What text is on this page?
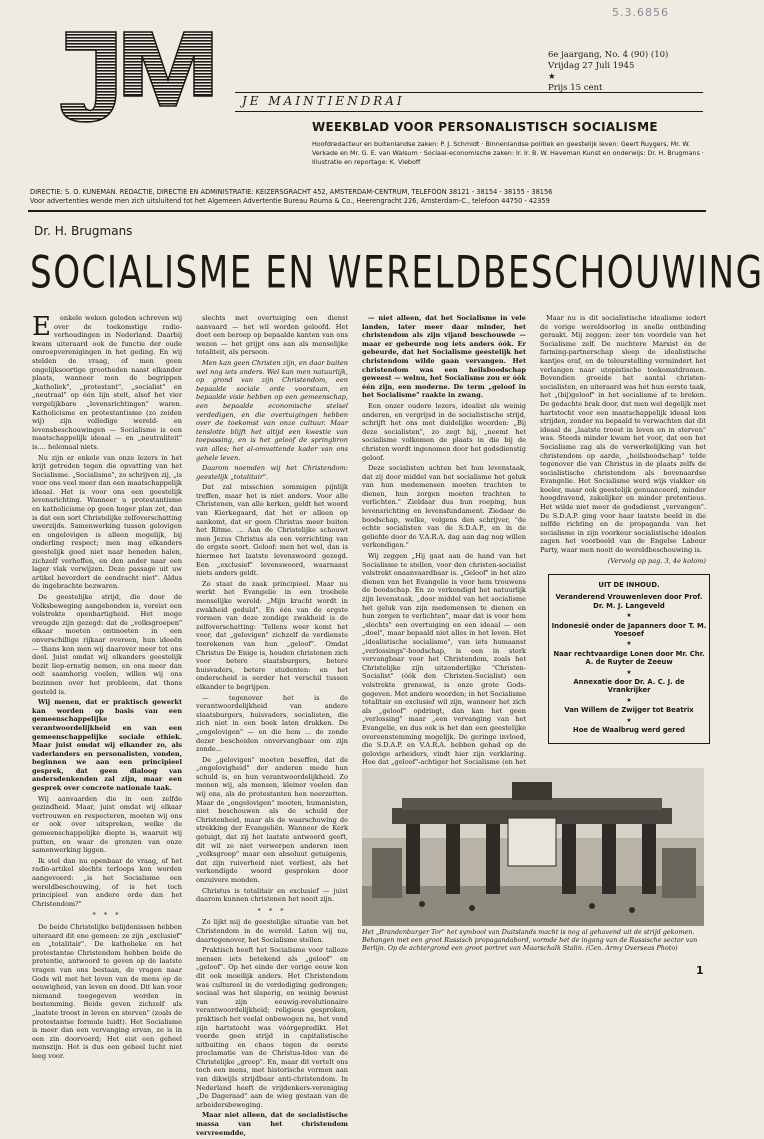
5.3.6856
6e jaargang, No. 4 (90) (10)
Vrijdag 27 Juli 1945
★
Prijs 15 cent
JE MAINTIENDRAI
WEEKBLAD VOOR PERSONALISTISCH SOCIALISME
Hoofdredacteur en buitenlandse zaken: P. J. Schmidt · Binnenlandse politiek en geestelijk leven: Geert Ruygers, Mr. W. Verkade en Mr. G. E. van Walsum · Sociaal-economische zaken: Ir. Ir. B. W. Haveman Kunst en onderwijs: Dr. H. Brugmans · Illustratie en reportage: K. Vieboff
DIRECTIE: S. O. KUNEMAN. REDACTIE, DIRECTIE EN ADMINISTRATIE: KEIZERSGRACHT 452, AMSTERDAM-CENTRUM, TELEFOON 38121 - 38154 - 38155 - 38156
Voor advertenties wende men zich uitsluitend tot het Algemeen Advertentie Bureau Rouma & Co., Heerengracht 226, Amsterdam-C., telefoon 44750 - 42359
Dr. H. Brugmans
SOCIALISME EN WERELDBESCHOUWING
E	enkele weken geleden schreven wij over de toekomstige radio-verhoudingen in Nederland. Daarbij kwam uiteraard ook de functie der oude omroepverenigingen in het geding. En wij stelden de vraag, of men geen ongelijksoortige grootheden naast elkander plaats, wanneer men de begrippen „katholiek", „protestant", „socialist" en „neutraal" op één lijn stelt, alsof het vier vergelijkbare „levensrichtingen" waren. Katholicisme en protestantisme (zo zeiden wij) zijn volledige wereld- en levensbeschouwingen — Socialisme is een maatschappelijk ideaal — en „neutraliteit" is.... helemaal niets.

Nu zijn er enkele van onze lezers in het krijt getreden tegen die opvatting van het Socialisme. „Socialisme", zo schrijven zij, „is voor ons veel meer dan een maatschappelijk ideaal. Het is voor ons een geestelijk levensrichting. Wanneer u protestantisme en katholicisme op geen hoger plan zet, dan is dat een sort Christelijke zelfoverschatting uwerzijds. Samenwerking tussen gelovigen en ongelovigen is alleen mogelijk, bij onderling respect; men mag elkanders geestelijk goed niet naar beneden halen, zichzelf verheffen, en den ander naar een lager vlak verwijzen. Deze passage uit uw artikel bevordert de eendracht niet". Aldus de ingebrachte bezwaren.

De geestelijke strijd, die door de Volksbeweging aangebonden is, vereist een volstrekte openhartigheid. Het moge vreugde zijn gezegd: dat de „volksgroepen" elkaar moeten ontmoeten in een onverschillige rijkaar overeen, hun ideeën — thans kon men wij daarover meer tot ons doel. Juist omdat wij elkanders geestelijk bezit liep-ernstig nemen, en ons meer dan ooit saamhorig voelen, willen wij ons bezinnen over het probleem, dat thans gesteld is.

Wij menen, dat er praktisch gewerkt kan worden op basis van een gemeenschappelijke verantwoordelijkheid en van een gemeenschappelijke sociale ethiek. Maar juist omdat wij elkander zo, als vaderlanders en personalisten, vonden, beginnen we aan een principieel gesprek, dat geen dialoog van andersdenkenden zal zijn, maar een gesprek over concrete nationale taak.

Wij aanvaarden die in een zelfde gezindheid. Maar, juist omdat wij elkaar vertrouwen en respecteren, moeten wij ons er ook over uitspreken, welke de gemeenschappelijke diepte is, waaruit wij putten, en waar de grenzen van onze samenwerking liggen.

Ik stel dan nu openbaar de vraag, of het radio-artikel slechts terloops kon worden aangevoerd: „is het Socialisme een wereldbeschouwing, of is het toch principieel van andere orde dan het Christendom?"

* * *

De beide Christelijke belijdenissen hebben uiteraard dit ene gemeen: ze zijn „exclusief" en „totalitair". De katholieke en het protestantse Christendom hebben beide de pretentie, antwoord te geven op de laatste vragen van ons bestaan, de vragen naar Gods wil met het leven van de mens op de eeuwigheid, van leven en dood. Dit kan voor niemand toegegeven worden in bestemming. Beide geven zichzelf als „laatste troost in leven en sterven" (zoals de protestantse formule luidt). Het Socialisme is meer dan een vervanging ervan, ze is in een zin doorvoerd; Het eist een geheel menszijn. Het is dus een geheel lucht niet leeg voor.

slechts met overtuiging een dienst aanvaard — het wil worden geloofd. Het doet een beroep op bepaalde kanten van ons wezen — het grijpt ons aan als menselijke totaliteit, als persoon.

Men kan geen Christen zijn, en daar buiten wel nog iets anders. Wel kan men natuurlijk, op grond van zijn Christendom, een bepaalde sociale orde voorstaan, en bepaalde visie hebben op een gemeenschap, een bepaalde economische stelsel verdedigen, en die overtuigingen hebben over de toekomst van onze cultuur. Maar tenslotte blijft het altijd een kwestie van toepassing, en is het geloof de springbron van alles; het al-omvattende kader van ons gehele leven.

Daarom noemden wij het Christendom: geestelijk „totalitair".

Dat zal misschien sommigen pijnlijk treffen, maar het is niet anders. Voor alle Christenen, van alle kerken, geldt het woord van Kierkegaard, dat het er alleen op aankomt, dat er geen Christus meer buiten het Ritme. ... Aan de Christelijke schouwt men Jezus Christus als een verrichting van de ergste soort. Geloof: men het wel, dan is hiermee het laatste levenswoord gezegd. Een „exclusief" levenswoord, waarnaast niets anders geldt.

Zo staat de zaak principieel. Maar nu werkt het Evangelie in een troebele menselijke wereld: „Mijn kracht wordt in zwakheid geduld". En één van de ergste vormen van deze zondige zwakheid is de zelfoverschatting: 'Tellens weer komt het voor, dat „gelovigen" zichzelf de verdienste toerekenen van hun „geloof". Omdat Christus De Enige is, houden christenen zich voor betere staatsburgers, betere huisvaders, betere studenten: en het onderscheid is eerder het verschil tussen elkander te begrijpen.

— tegenover het is de verantwoordelijkheid van andere staatsburgers, huisvaders, socialisten, die zich niet in een boek laten drukken. De „ongelovigen" — en die hem ... de zonde dezer bescheiden onvervangbaar om zijn zonde...

De „gelovigen" moeten beseffen, dat de „ongelovigheid" der anderen mede hun schuld is, en hun verantwoordelijkheid. Zo menen wij, als mensen, kleiner voelen dan wij ons, als de protestanten hen neerzetten. Maar de „ongelovigen" moeten, humanisten, niet beschouwen als de schuld der Christenheid, maar als de waarschuwing de strekking der Evangeliën. Wanneer de Kerk getuigt, dat zij het laatste antwoord geeft, dit wil ze niet verwerpen anderen men „volksgroep" maar een absoluut getuigenis, dat zijn ruiverheid niet verliest, als het verkondigde woord gesproken door onzuivere monden.

Christus is totalitair en exclusief — juist daarom kunnen christenen het nooit zijn.

* * *

Zo lijkt mij de geestelijke situatie van het Christendom in de wereld. Laten wij nu, daartegenover, het Socialisme stellen.

Praktisch heeft het Socialisme voor talloze mensen iets betekend als „geloof" en „geloof". Op het einde der vorige eeuw kon dit ook moeilijk anders. Het Christendom was cultureel in de verdediging gedrongen; sociaal was het slaperig, en weinig bewust van zijn eeuwig-revolutionaire verantwoordelijkheid; religieus gesproken, praktisch het veelal onbewogen na, het vond zijn hartstocht was vóórgepredikt. Het voerde geen strijd in capitalistische uitbuiting en chaos tegen de eerste proclamatie van de Christus-Idee van de Christelijke „groep". En, maar dit vertelt ons toch een mens, met historische vormen aan van dikwijls strijdbaar anti-christendom. In Nederland heeft de vrijdenkers-vereniging „De Dageraad" aan de wieg gestaan van de arbeidersbeweging.

Maar niet alleen, dat de socialistische massa van het christendom vervreemdde,

— niet alleen, dat het Socialisme in vele landen, later meer daar minder, het christendom als zijn vijand beschouwde — maar er gebeurde nog iets anders óók. Er gebeurde, dat het Socialisme geestelijk het christendom wilde gaan vervangen. Het christendom was een heilsboodschap geweest — welnu, het Socialisme zou er óók één zijn, een moderne. De term „geloof in het Socialisme" raakte in zwang.

Een onzer oudere lezers, idealist als weinig anderen, en vergrijsd in de socialistische strijd, schrijft het ons met duidelijke woorden: „Bij deze socialisten", zo zegt hij, „neemt het socialisme volkomen de plaats in die bij de christen wordt ingenomen door het godsdienstig geloof.

Deze socialisten achten het hun levenstaak, dat zij door middel van het socialisme het geluk van hun medemensen moeten trachten te dienen, hun zorgen moeten trachten te verlichten." Zieldaar dus hun roeping, hun levensrichting en levensfundament. Ziedaar de boodschap, welke, volgens den schrijver, "de echte socialisten van de S.D.A.P., en in de geliefde door de V.A.R.A. dag aan dag nog willen verkondigen."

Wij zeggen „Hij gaat aan de hand van het Socialisme te stellen, voor den christen-socialist volstrekt onaanvaardbaar is. „Geloof" in het alzo dienen van het Evangelie is voor hem trouwens de boodschap. En zo verkondigd het natuurlijk zijn levenstaak, „door middel van het socialisme het geluk van zijn medemensen te dienen en hun zorgen te verlichten", maar dat is voor hem „slechts" een overtuiging en een ideaal — een „doel", maar bepaald niet alles in het leven. Het „idealistische socialisme", van iets humaanst „verlossings"-boodschap, is een in sterk vervangbaar voor het Christendom, zoals het Christelijke zijn uitzonderlijke "Christen-Socialist" (óók den Christen-Socialist) een volstrekte grenswal, is onze grote Gods-gegeven. Met andere woorden; in het Socialisme totalitair en exclusief wil zijn, wanneer het zich als „geloof" opdringt, dan kan het geen „verlossing" maar „een vervanging van het Evangelie, en dus ook is het dan een geestelijke overeenstemming mogelijk. De geringe invloed, die S.D.A.P. en V.A.R.A. hebben gehad op de gelovige arbeiders, vindt hier zijn verklaring. Hoe dat „geloof"-achtiger het Socialisme (en het

Maar nu is dit socialistische idealisme iedert de vorige wereldoorlog in snelle ontbinding geraakt. Mij zeggen: zeer ten voordele van het Socialisme zelf. De nuchtere Marxist én de farming-partnerschap sleep de idealistische kantjes eraf, en de teleurstelling vermindert het verlangen naar utopistische toekomstdromen. Bovendien groeide het aantal christen-socialisten, en uiteraard was het hun eerste taak, het „(bij)geloof" in het socialisme af te breken. De gedachte brak door, dat men wel degelijk met hartstocht voor een maatschappelijk ideaal kon strijden, zonder nu bepaald te verwachten dat dit ideaal de „laatste troost in leven en in sterven" was. Steeds minder kwam het voor, dat een het Socialisme zag als de verwerkelijking van het christendom op aarde, „heilsboodschap" telde tegenover die van Christus in de plaats zelfs de socialistische christendom als bovenaardse Evangelie. Het Socialisme werd wijs viakker en koeler, maar ook geestelijk genuanceerd, minder hoogdravend, zakelijker en minder pretentieus. Het wilde niet meer de godsdienst „vervangen". De S.D.A.P. ging voor haar laatste beeld in die zelfde richting en de propaganda van het socialisme in zijn voorkeur socialistische idealen zagen het voorbeeld van de Engelse Labour Party, waar men nooit de wereldbeschouwing is.

(Vervolg op pag. 3, 4e kolom)

UIT DE INHOUD.
Veranderend Vrouwenleven door Prof. Dr. M. J. Langeveld
★
Indonesië onder de Japanners door T. M. Yoesoef
★
Naar rechtvaardige Lonen door Mr. Chr. A. de Ruyter de Zeeuw
★
Annexatie door Dr. A. C. J. de Vrankrijker
★
Van Willem de Zwijger tot Beatrix
★
Hoe de Waalbrug werd gered
Het „Brandenburger Tor" het symbool van Duitslands macht is nog al gehavend uit de strijd gekomen. Behangen met een groot Russisch propagandabord, vormde het de ingang van de Russische sector van Berlijn. Op de achtergrond een groot portret van Maarschalk Stalin. (Cen. Army Overseas Photo)
1
